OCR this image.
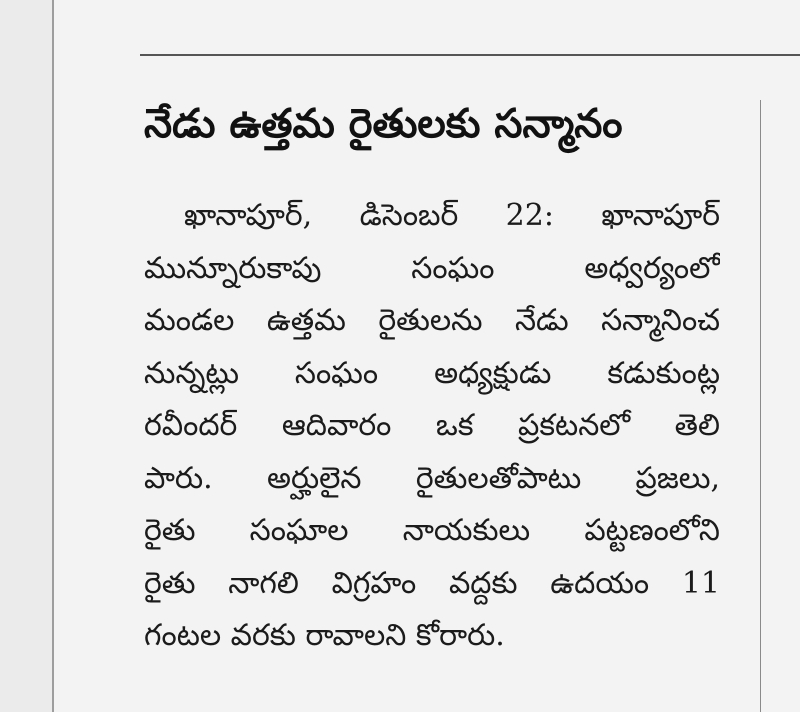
నేడు ఉత్తమ రైతులకు సన్మానం
ఖానాపూర్, డిసెంబర్ 22: ఖానాపూర్
మున్నూరుకాపు సంఘం అధ్వర్యంలో
మండల ఉత్తమ రైతులను నేడు సన్మానించ
నున్నట్లు సంఘం అధ్యక్షుడు కడుకుంట్ల
రవీందర్ ఆదివారం ఒక ప్రకటనలో తెలి
పారు. అర్హులైన రైతులతోపాటు ప్రజలు,
రైతు సంఘాల నాయకులు పట్టణంలోని
రైతు నాగలి విగ్రహం వద్దకు ఉదయం 11
గంటల వరకు రావాలని కోరారు.
